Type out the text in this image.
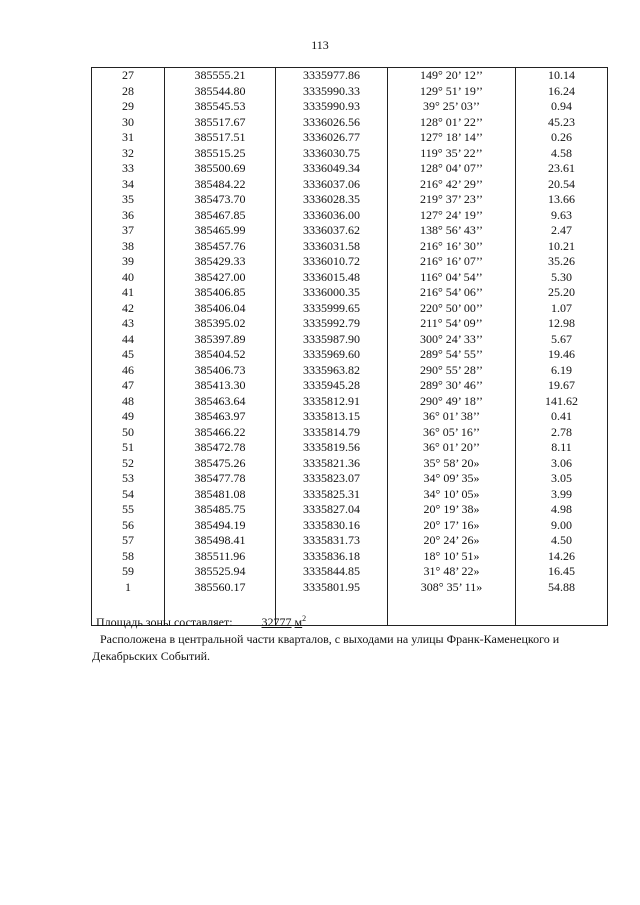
113
27	385555.21	3335977.86	149° 20’ 12’’	10.14
28	385544.80	3335990.33	129° 51’ 19’’	16.24
29	385545.53	3335990.93	39° 25’ 03’’	0.94
30	385517.67	3336026.56	128° 01’ 22’’	45.23
31	385517.51	3336026.77	127° 18’ 14’’	0.26
32	385515.25	3336030.75	119° 35’ 22’’	4.58
33	385500.69	3336049.34	128° 04’ 07’’	23.61
34	385484.22	3336037.06	216° 42’ 29’’	20.54
35	385473.70	3336028.35	219° 37’ 23’’	13.66
36	385467.85	3336036.00	127° 24’ 19’’	9.63
37	385465.99	3336037.62	138° 56’ 43’’	2.47
38	385457.76	3336031.58	216° 16’ 30’’	10.21
39	385429.33	3336010.72	216° 16’ 07’’	35.26
40	385427.00	3336015.48	116° 04’ 54’’	5.30
41	385406.85	3336000.35	216° 54’ 06’’	25.20
42	385406.04	3335999.65	220° 50’ 00’’	1.07
43	385395.02	3335992.79	211° 54’ 09’’	12.98
44	385397.89	3335987.90	300° 24’ 33’’	5.67
45	385404.52	3335969.60	289° 54’ 55’’	19.46
46	385406.73	3335963.82	290° 55’ 28’’	6.19
47	385413.30	3335945.28	289° 30’ 46’’	19.67
48	385463.64	3335812.91	290° 49’ 18’’	141.62
49	385463.97	3335813.15	36° 01’ 38’’	0.41
50	385466.22	3335814.79	36° 05’ 16’’	2.78
51	385472.78	3335819.56	36° 01’ 20’’	8.11
52	385475.26	3335821.36	35° 58’ 20»	3.06
53	385477.78	3335823.07	34° 09’ 35»	3.05
54	385481.08	3335825.31	34° 10’ 05»	3.99
55	385485.75	3335827.04	20° 19’ 38»	4.98
56	385494.19	3335830.16	20° 17’ 16»	9.00
57	385498.41	3335831.73	20° 24’ 26»	4.50
58	385511.96	3335836.18	18° 10’ 51»	14.26
59	385525.94	3335844.85	31° 48’ 22»	16.45
1	385560.17	3335801.95	308° 35’ 11»	54.88

Площадь зоны составляет: 32777 $м^2$

Расположена в центральной части кварталов, с выходами на улицы Франк-Каменецкого и

Декабрьских Событий.
